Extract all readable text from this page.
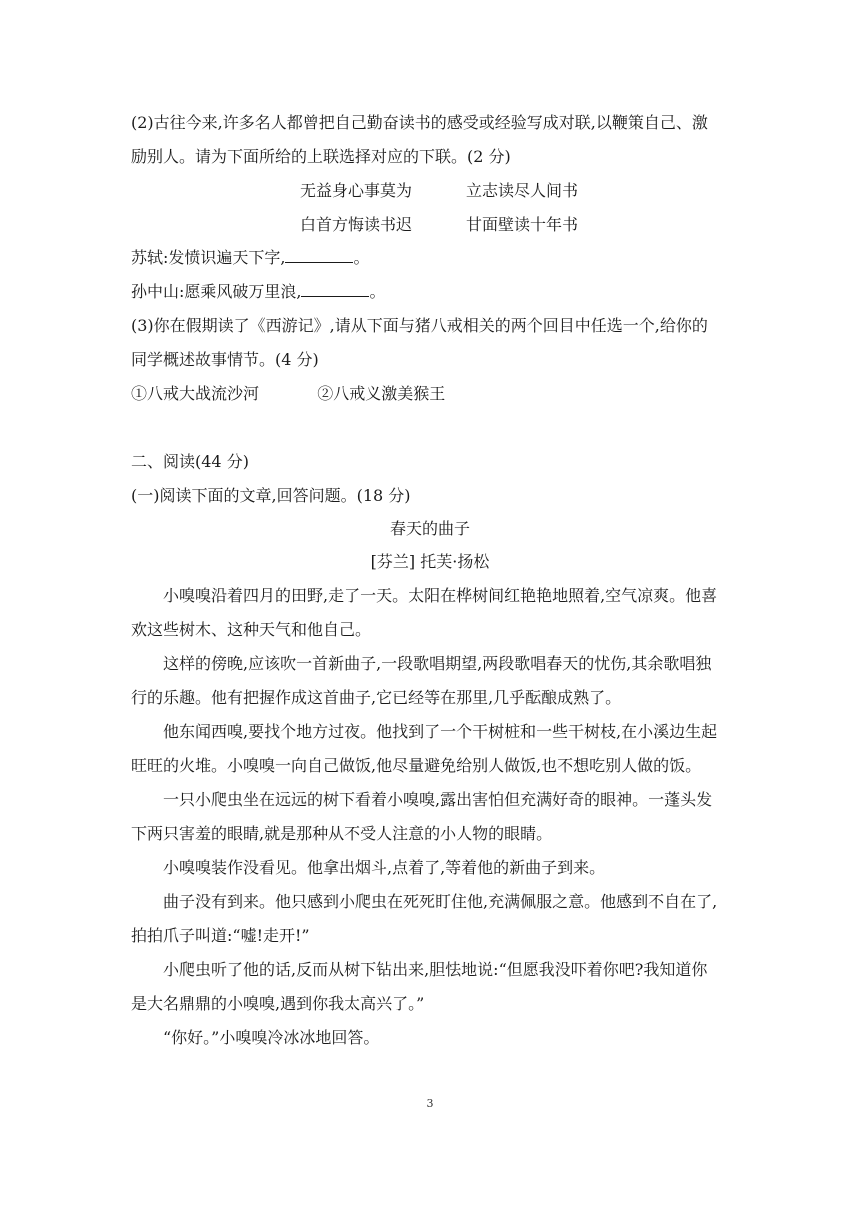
(2)古往今来,许多名人都曾把自己勤奋读书的感受或经验写成对联,以鞭策自己、激
励别人。请为下面所给的上联选择对应的下联。(2 分)
无益身心事莫为	立志读尽人间书
白首方悔读书迟	甘面壁读十年书
苏轼:发愤识遍天下字,	。
孙中山:愿乘风破万里浪,	。
(3)你在假期读了《西游记》,请从下面与猪八戒相关的两个回目中任选一个,给你的
同学概述故事情节。(4 分)
①八戒大战流沙河	②八戒义激美猴王
二、阅读(44 分)
(一)阅读下面的文章,回答问题。(18 分)
春天的曲子
[芬兰] 托芙·扬松
小嗅嗅沿着四月的田野,走了一天。太阳在桦树间红艳艳地照着,空气凉爽。他喜
欢这些树木、这种天气和他自己。
这样的傍晚,应该吹一首新曲子,一段歌唱期望,两段歌唱春天的忧伤,其余歌唱独
行的乐趣。他有把握作成这首曲子,它已经等在那里,几乎酝酿成熟了。
他东闻西嗅,要找个地方过夜。他找到了一个干树桩和一些干树枝,在小溪边生起
旺旺的火堆。小嗅嗅一向自己做饭,他尽量避免给别人做饭,也不想吃别人做的饭。
一只小爬虫坐在远远的树下看着小嗅嗅,露出害怕但充满好奇的眼神。一蓬头发
下两只害羞的眼睛,就是那种从不受人注意的小人物的眼睛。
小嗅嗅装作没看见。他拿出烟斗,点着了,等着他的新曲子到来。
曲子没有到来。他只感到小爬虫在死死盯住他,充满佩服之意。他感到不自在了,
拍拍爪子叫道:“嘘!走开!”
小爬虫听了他的话,反而从树下钻出来,胆怯地说:“但愿我没吓着你吧?我知道你
是大名鼎鼎的小嗅嗅,遇到你我太高兴了。”
“你好。”小嗅嗅冷冰冰地回答。
3
